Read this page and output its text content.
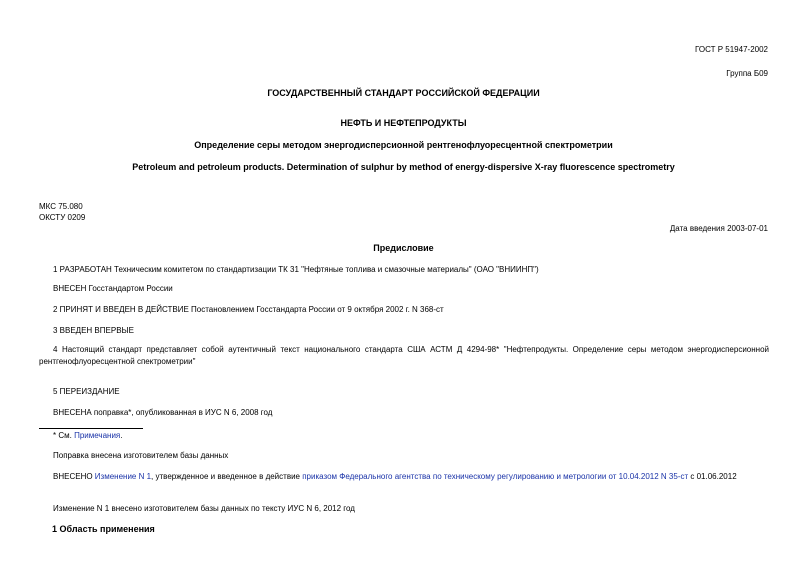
ГОСТ Р 51947-2002
Группа Б09
ГОСУДАРСТВЕННЫЙ СТАНДАРТ РОССИЙСКОЙ ФЕДЕРАЦИИ
НЕФТЬ И НЕФТЕПРОДУКТЫ
Определение серы методом энергодисперсионной рентгенофлуоресцентной спектрометрии
Petroleum and petroleum products. Determination of sulphur by method of energy-dispersive X-ray fluorescence spectrometry
МКС 75.080
ОКСТУ 0209
Дата введения 2003-07-01
Предисловие
1 РАЗРАБОТАН Техническим комитетом по стандартизации ТК 31 "Нефтяные топлива и смазочные материалы" (ОАО "ВНИИНП")
ВНЕСЕН Госстандартом России
2 ПРИНЯТ И ВВЕДЕН В ДЕЙСТВИЕ Постановлением Госстандарта России от 9 октября 2002 г. N 368-ст
3 ВВЕДЕН ВПЕРВЫЕ
4 Настоящий стандарт представляет собой аутентичный текст национального стандарта США АСТМ Д 4294-98* "Нефтепродукты. Определение серы методом энергодисперсионной рентгенофлуоресцентной спектрометрии"
5 ПЕРЕИЗДАНИЕ
ВНЕСЕНА поправка*, опубликованная в ИУС N 6, 2008 год
* См. Примечания.
Поправка внесена изготовителем базы данных
ВНЕСЕНО Изменение N 1, утвержденное и введенное в действие приказом Федерального агентства по техническому регулированию и метрологии от 10.04.2012 N 35-ст с 01.06.2012
Изменение N 1 внесено изготовителем базы данных по тексту ИУС N 6, 2012 год
1 Область применения
